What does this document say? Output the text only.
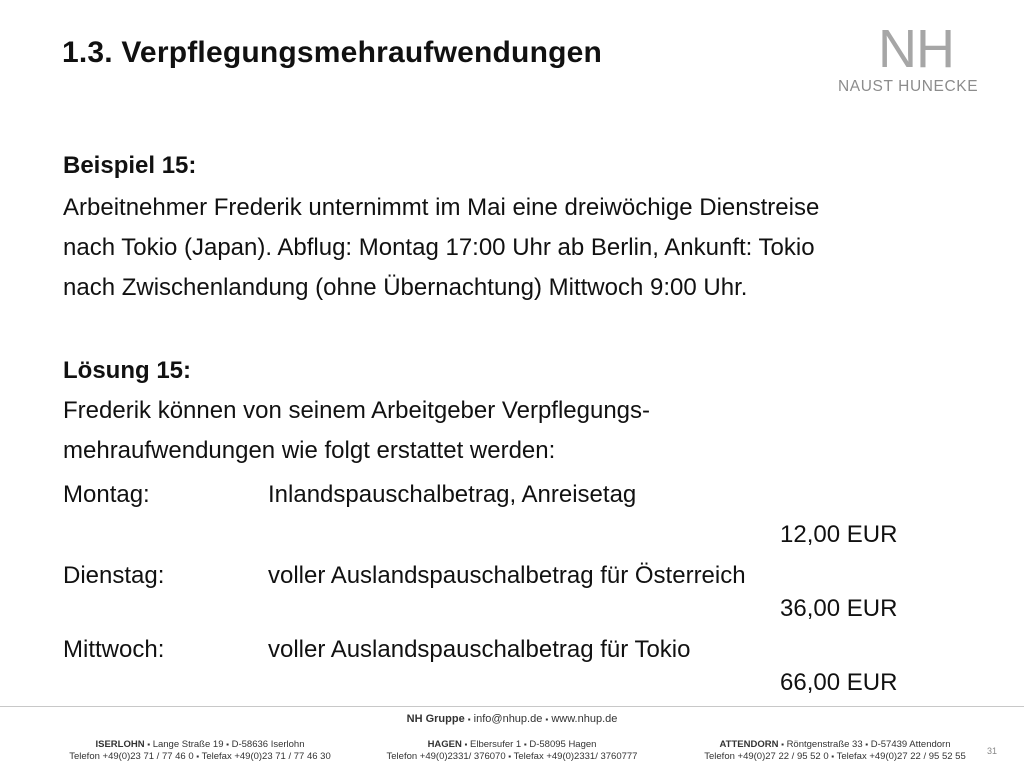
1.3. Verpflegungsmehraufwendungen	NH
NAUST HUNECKE
Beispiel 15:
Arbeitnehmer Frederik unternimmt im Mai eine dreiwöchige Dienstreise
nach Tokio (Japan). Abflug: Montag 17:00 Uhr ab Berlin, Ankunft: Tokio
nach Zwischenlandung (ohne Übernachtung) Mittwoch 9:00 Uhr.
Lösung 15:
Frederik können von seinem Arbeitgeber Verpflegungs-
mehraufwendungen wie folgt erstattet werden:
Montag:	Inlandspauschalbetrag, Anreisetag
12,00 EUR
Dienstag:	voller Auslandspauschalbetrag für Österreich
36,00 EUR
Mittwoch:	voller Auslandspauschalbetrag für Tokio
66,00 EUR
NH Gruppe ▪ info@nhup.de ▪ www.nhup.de
ISERLOHN ▪ Lange Straße 19 ▪ D-58636 Iserlohn
Telefon +49(0)23 71 / 77 46 0 ▪ Telefax +49(0)23 71 / 77 46 30
HAGEN ▪ Elbersufer 1 ▪ D-58095 Hagen
Telefon +49(0)2331/ 376070 ▪ Telefax +49(0)2331/ 3760777
ATTENDORN ▪ Röntgenstraße 33 ▪ D-57439 Attendorn
Telefon +49(0)27 22 / 95 52 0 ▪ Telefax +49(0)27 22 / 95 52 55	31
